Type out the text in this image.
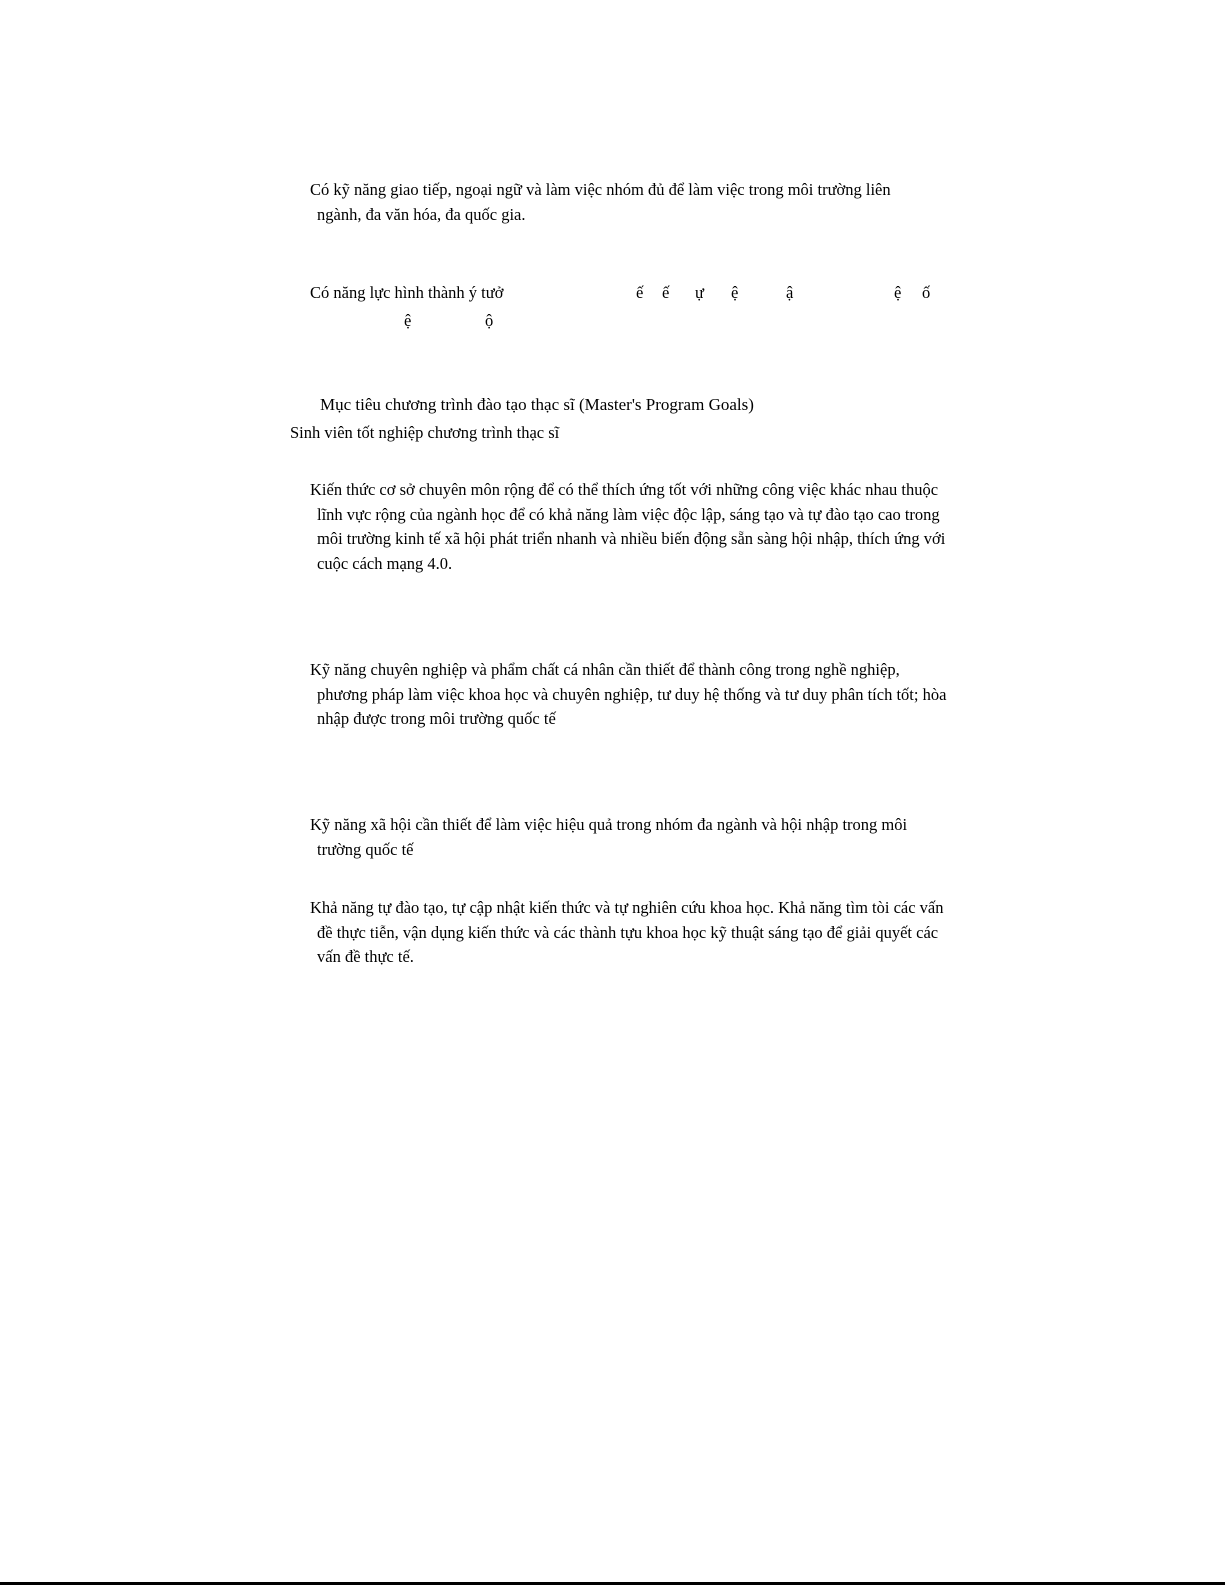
Có kỹ năng giao tiếp, ngoại ngữ và làm việc nhóm đủ để làm việc trong môi trường liên
ngành, đa văn hóa, đa quốc gia.
Có năng lực hình thành ý tưở	ế ế ự ệ	ậ	ệ ố
ệ	ộ
Mục tiêu chương trình đào tạo thạc sĩ (Master's Program Goals)
Sinh viên tốt nghiệp chương trình thạc sĩ
Kiến thức cơ sở chuyên môn rộng để có thể thích ứng tốt với những công việc khác nhau thuộc
lĩnh vực rộng của ngành học để có khả năng làm việc độc lập, sáng tạo và tự đào tạo cao trong
môi trường kinh tế xã hội phát triển nhanh và nhiều biến động sẵn sàng hội nhập, thích ứng với
cuộc cách mạng 4.0.
Kỹ năng chuyên nghiệp và phẩm chất cá nhân cần thiết để thành công trong nghề nghiệp,
phương pháp làm việc khoa học và chuyên nghiệp, tư duy hệ thống và tư duy phân tích tốt; hòa
nhập được trong môi trường quốc tế
Kỹ năng xã hội cần thiết để làm việc hiệu quả trong nhóm đa ngành và hội nhập trong môi
trường quốc tế
Khả năng tự đào tạo, tự cập nhật kiến thức và tự nghiên cứu khoa học. Khả năng tìm tòi các vấn
đề thực tiễn, vận dụng kiến thức và các thành tựu khoa học kỹ thuật sáng tạo để giải quyết các
vấn đề thực tế.
